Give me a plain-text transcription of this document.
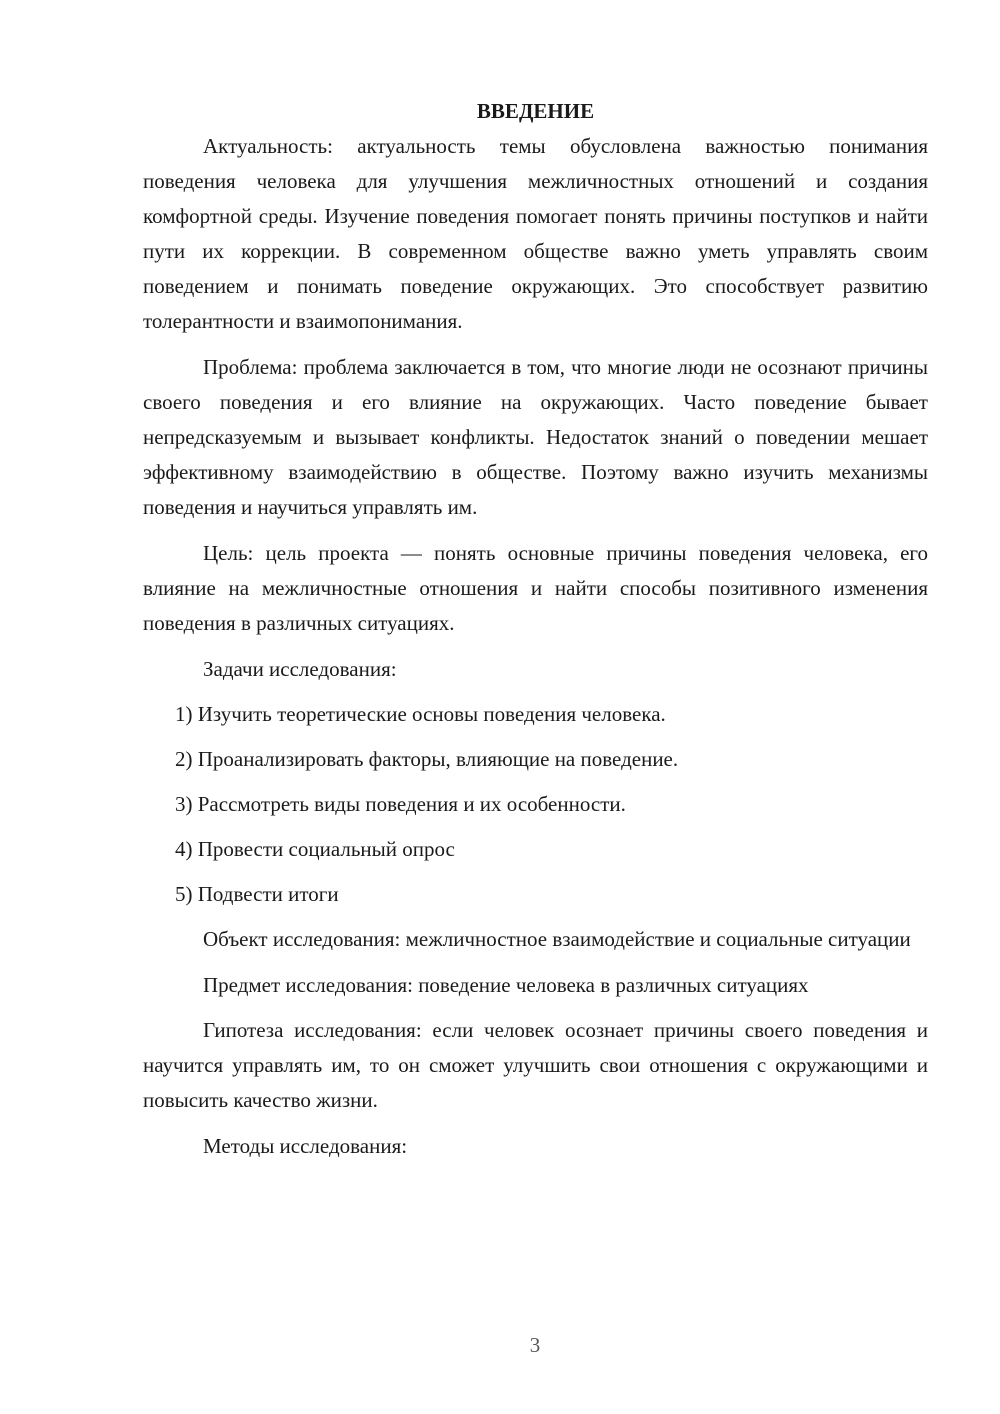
ВВЕДЕНИЕ

Актуальность: актуальность темы обусловлена важностью понимания поведения человека для улучшения межличностных отношений и создания комфортной среды. Изучение поведения помогает понять причины поступков и найти пути их коррекции. В современном обществе важно уметь управлять своим поведением и понимать поведение окружающих. Это способствует развитию толерантности и взаимопонимания.

Проблема: проблема заключается в том, что многие люди не осознают причины своего поведения и его влияние на окружающих. Часто поведение бывает непредсказуемым и вызывает конфликты. Недостаток знаний о поведении мешает эффективному взаимодействию в обществе. Поэтому важно изучить механизмы поведения и научиться управлять им.

Цель: цель проекта — понять основные причины поведения человека, его влияние на межличностные отношения и найти способы позитивного изменения поведения в различных ситуациях.

Задачи исследования:
1) Изучить теоретические основы поведения человека.
2) Проанализировать факторы, влияющие на поведение.
3) Рассмотреть виды поведения и их особенности.
4) Провести социальный опрос
5) Подвести итоги

Объект исследования: межличностное взаимодействие и социальные ситуации

Предмет исследования: поведение человека в различных ситуациях

Гипотеза исследования: если человек осознает причины своего поведения и научится управлять им, то он сможет улучшить свои отношения с окружающими и повысить качество жизни.

Методы исследования:
3
